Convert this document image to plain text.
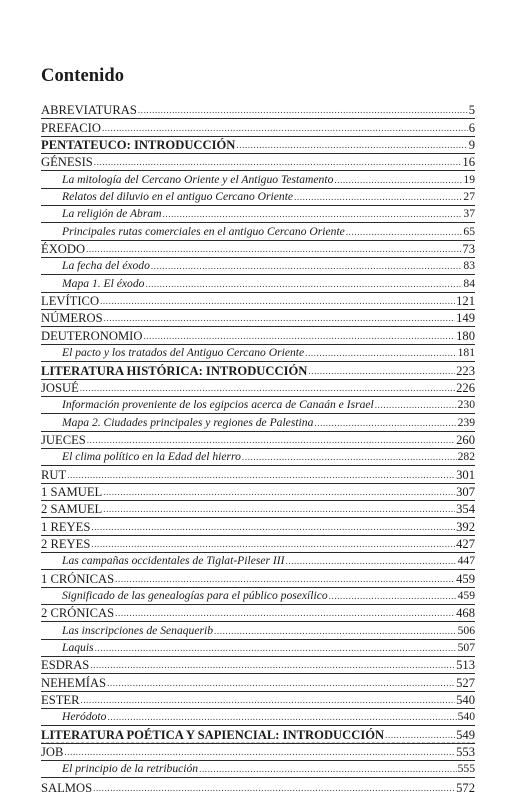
Contenido
ABREVIATURAS .....	5
PREFACIO .....	6
PENTATEUCO: INTRODUCCIÓN .....	9
GÉNESIS .....	16
La mitología del Cercano Oriente y el Antiguo Testamento .....	19
Relatos del diluvio en el antiguo Cercano Oriente .....	27
La religión de Abram .....	37
Principales rutas comerciales en el antiguo Cercano Oriente .....	65
ÉXODO .....	73
La fecha del éxodo .....	83
Mapa 1. El éxodo .....	84
LEVÍTICO .....	121
NÚMEROS .....	149
DEUTERONOMIO .....	180
El pacto y los tratados del Antiguo Cercano Oriente .....	181
LITERATURA HISTÓRICA: INTRODUCCIÓN .....	223
JOSUÉ .....	226
Información proveniente de los egipcios acerca de Canaán e Israel .....	230
Mapa 2. Ciudades principales y regiones de Palestina .....	239
JUECES .....	260
El clima político en la Edad del hierro .....	282
RUT .....	301
1 SAMUEL .....	307
2 SAMUEL .....	354
1 REYES .....	392
2 REYES .....	427
Las campañas occidentales de Tiglat-Pileser III .....	447
1 CRÓNICAS .....	459
Significado de las genealogías para el público posexílico .....	459
2 CRÓNICAS .....	468
Las inscripciones de Senaquerib .....	506
Laquis .....	507
ESDRAS .....	513
NEHEMÍAS .....	527
ESTER .....	540
Heródoto .....	540
LITERATURA POÉTICA Y SAPIENCIAL: INTRODUCCIÓN .....	549
JOB .....	553
El principio de la retribución .....	555
SALMOS .....	572
